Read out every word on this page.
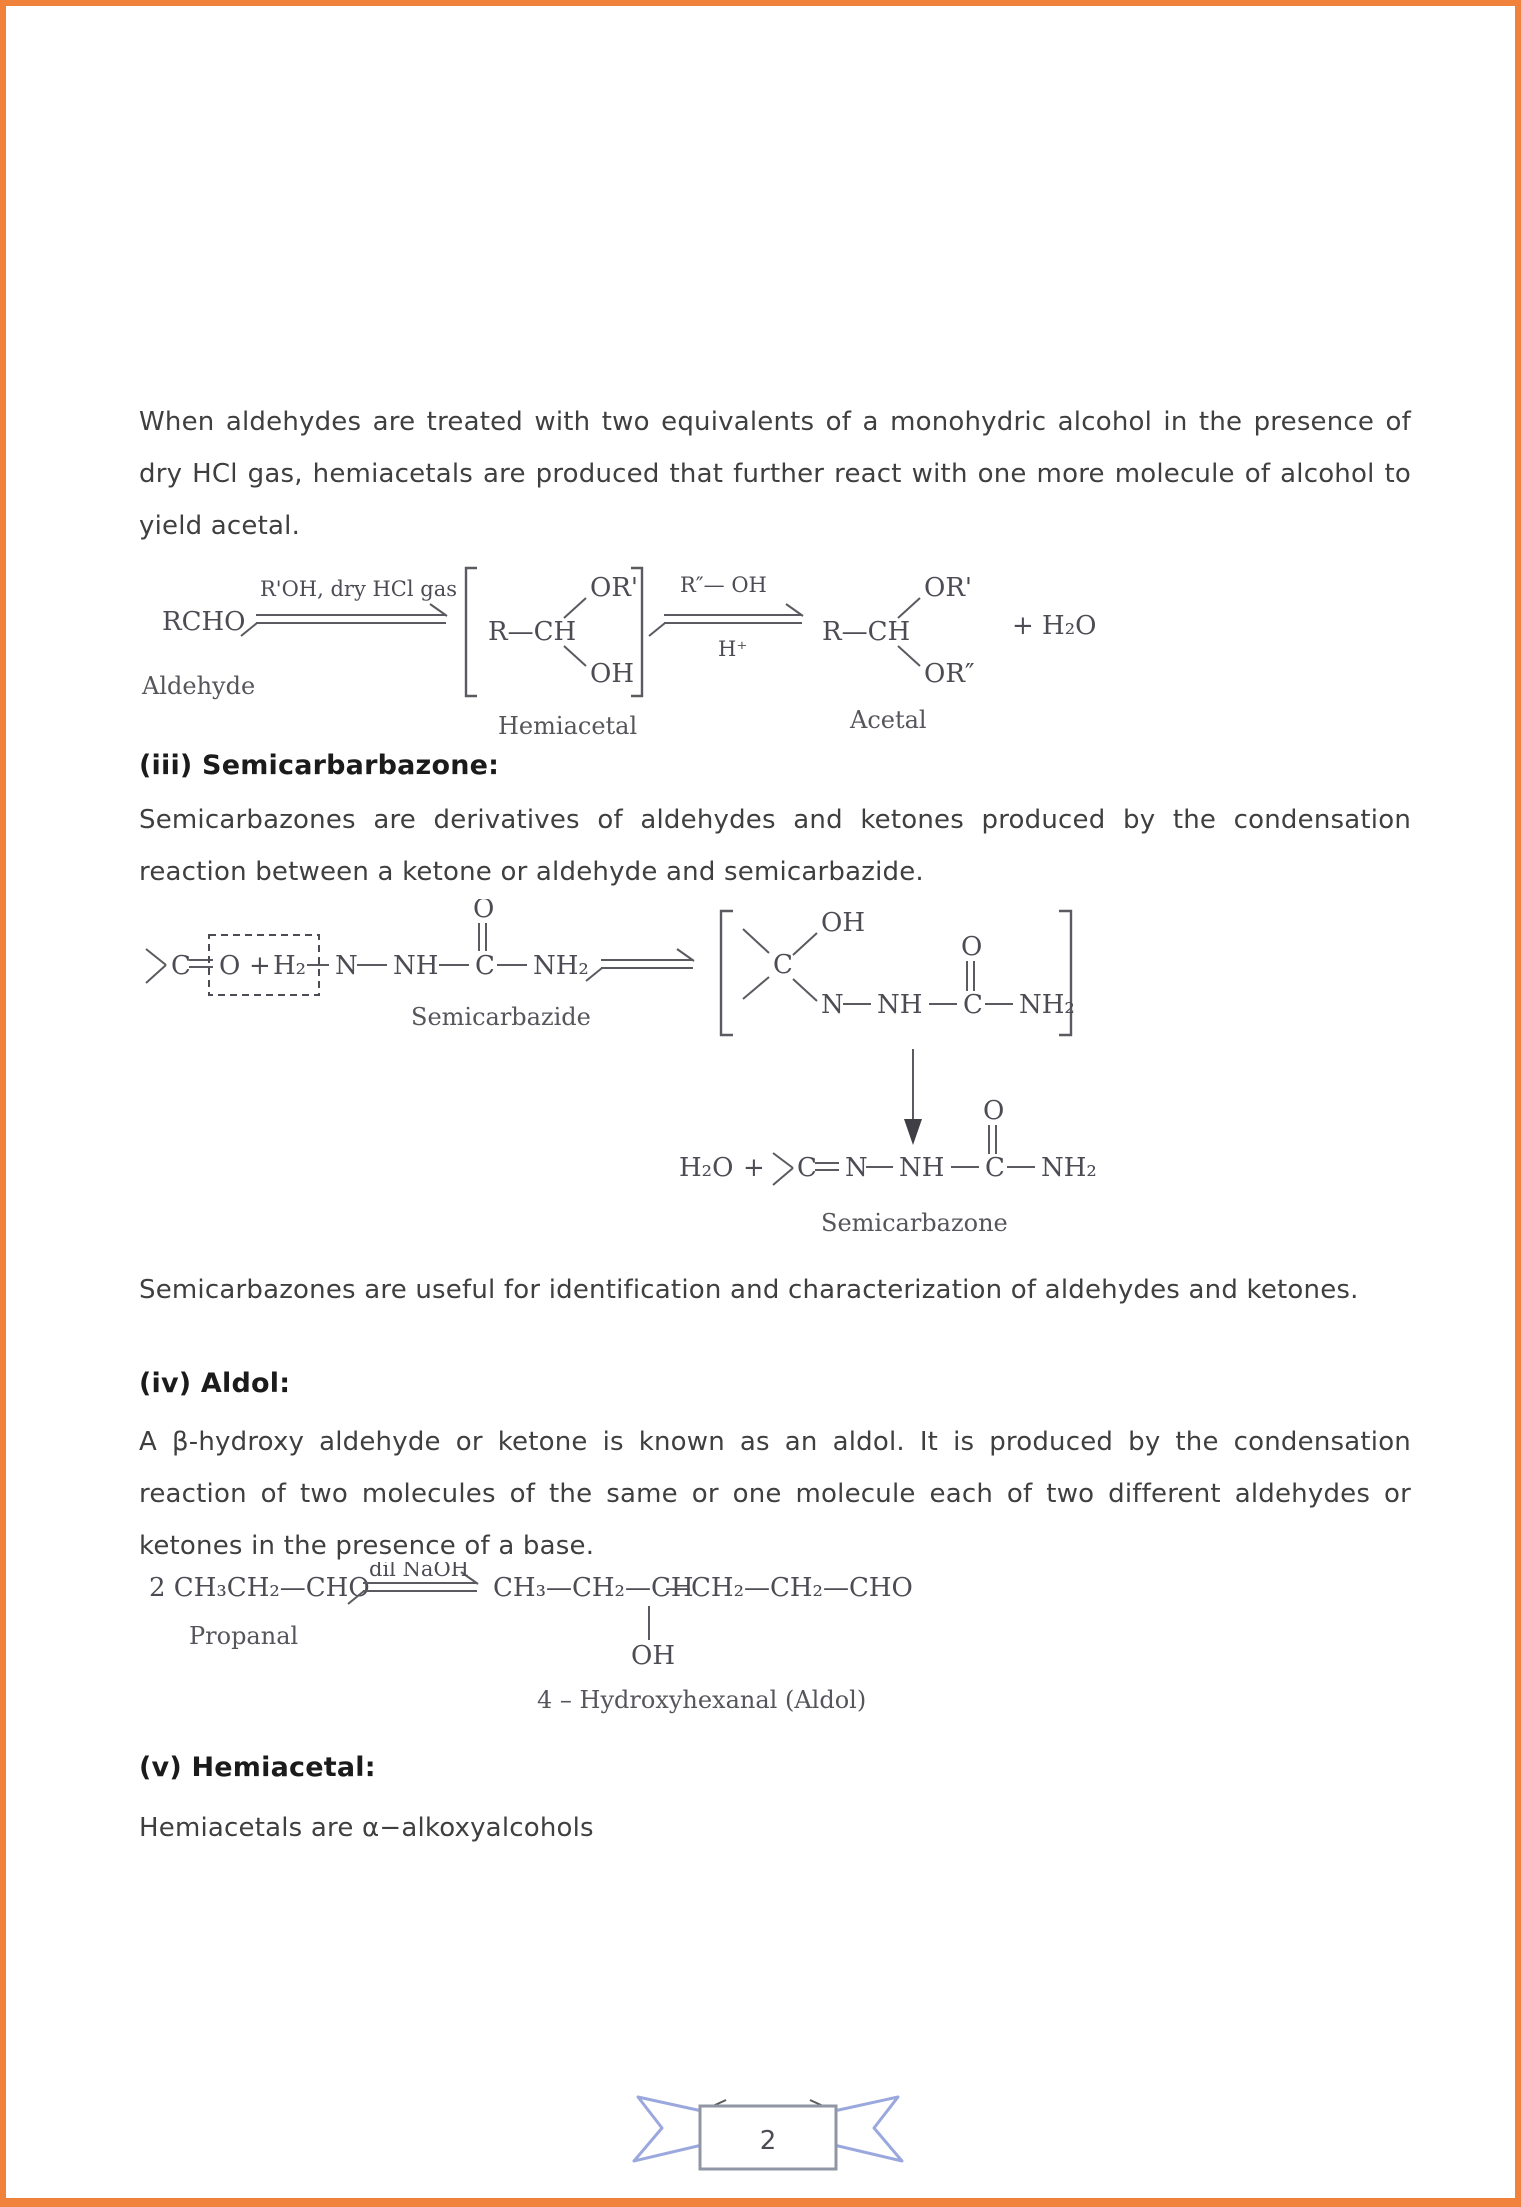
When aldehydes are treated with two equivalents of a monohydric alcohol in the presence of dry HCl gas, hemiacetals are produced that further react with one more molecule of alcohol to yield acetal.

RCHO
Aldehyde
R'OH, dry HCl gas
R—CH
OR'
OH
Hemiacetal
R″— OH
H⁺
R—CH
OR'
OR″
Acetal
+ H₂O
(iii) Semicarbarbazone:

Semicarbazones are derivatives of aldehydes and ketones produced by the condensation reaction between a ketone or aldehyde and semicarbazide.

C O + H₂ N NH C
O
NH₂
Semicarbazide
C
OH
N NH C
O
NH₂
H₂O + C N NH C
O
NH₂
Semicarbazone

Semicarbazones are useful for identification and characterization of aldehydes and ketones.

(iv) Aldol:

A β-hydroxy aldehyde or ketone is known as an aldol. It is produced by the condensation reaction of two molecules of the same or one molecule each of two different aldehydes or ketones in the presence of a base.

2 CH₃CH₂—CHO
Propanal
dil NaOH
CH₃—CH₂—CH
—CH₂—CH₂—CHO
OH
4 – Hydroxyhexanal (Aldol)
(v) Hemiacetal:

Hemiacetals are α−alkoxyalcohols

2
